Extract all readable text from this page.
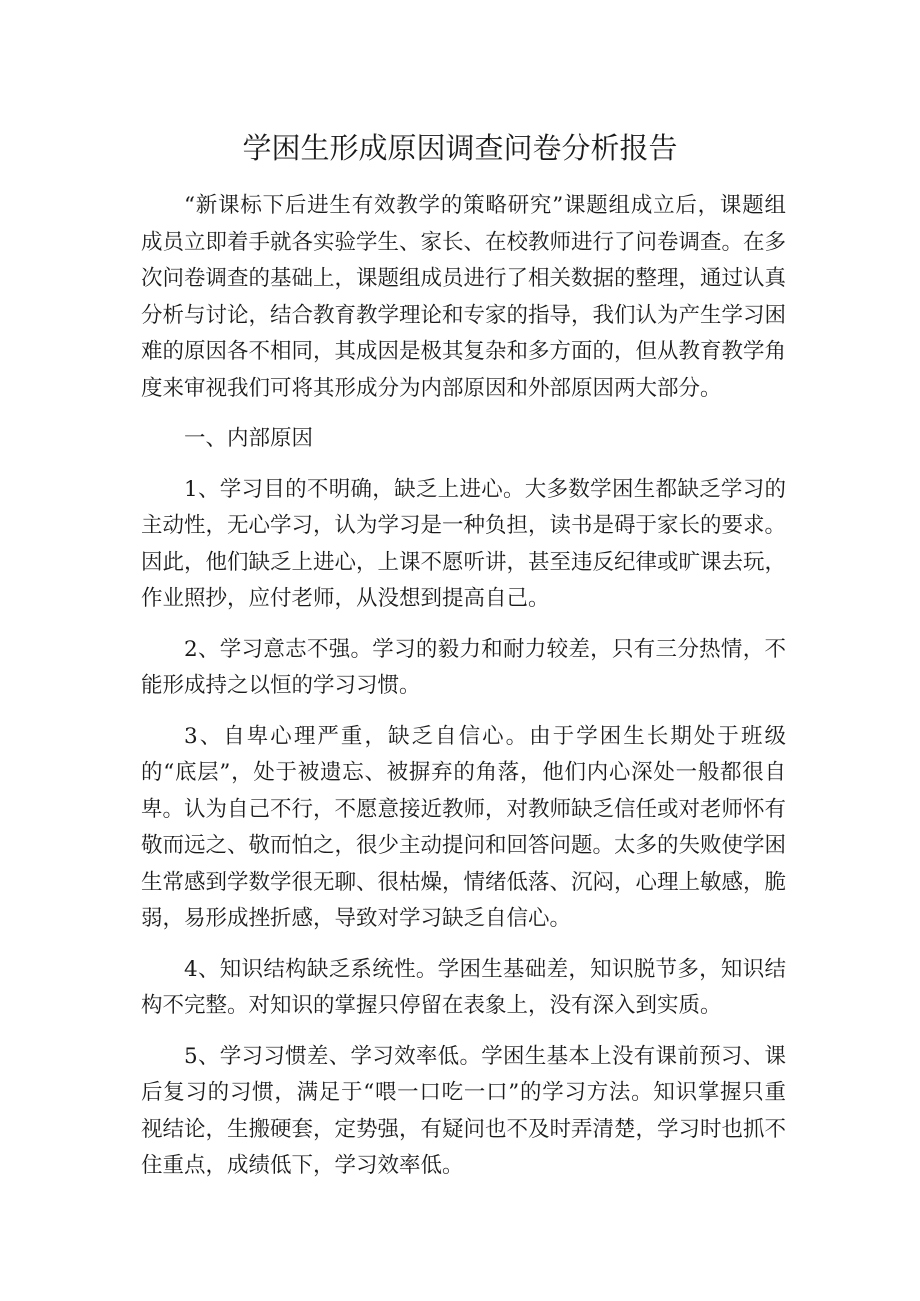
学困生形成原因调查问卷分析报告

“新课标下后进生有效教学的策略研究”课题组成立后，课题组成员立即着手就各实验学生、家长、在校教师进行了问卷调查。在多次问卷调查的基础上，课题组成员进行了相关数据的整理，通过认真分析与讨论，结合教育教学理论和专家的指导，我们认为产生学习困难的原因各不相同，其成因是极其复杂和多方面的，但从教育教学角度来审视我们可将其形成分为内部原因和外部原因两大部分。

一、内部原因

1、学习目的不明确，缺乏上进心。大多数学困生都缺乏学习的主动性，无心学习，认为学习是一种负担，读书是碍于家长的要求。因此，他们缺乏上进心，上课不愿听讲，甚至违反纪律或旷课去玩，作业照抄，应付老师，从没想到提高自己。

2、学习意志不强。学习的毅力和耐力较差，只有三分热情，不能形成持之以恒的学习习惯。

3、自卑心理严重，缺乏自信心。由于学困生长期处于班级的“底层”，处于被遗忘、被摒弃的角落，他们内心深处一般都很自卑。认为自己不行，不愿意接近教师，对教师缺乏信任或对老师怀有敬而远之、敬而怕之，很少主动提问和回答问题。太多的失败使学困生常感到学数学很无聊、很枯燥，情绪低落、沉闷，心理上敏感，脆弱，易形成挫折感，导致对学习缺乏自信心。

4、知识结构缺乏系统性。学困生基础差，知识脱节多，知识结构不完整。对知识的掌握只停留在表象上，没有深入到实质。

5、学习习惯差、学习效率低。学困生基本上没有课前预习、课后复习的习惯，满足于“喂一口吃一口”的学习方法。知识掌握只重视结论，生搬硬套，定势强，有疑问也不及时弄清楚，学习时也抓不住重点，成绩低下，学习效率低。
